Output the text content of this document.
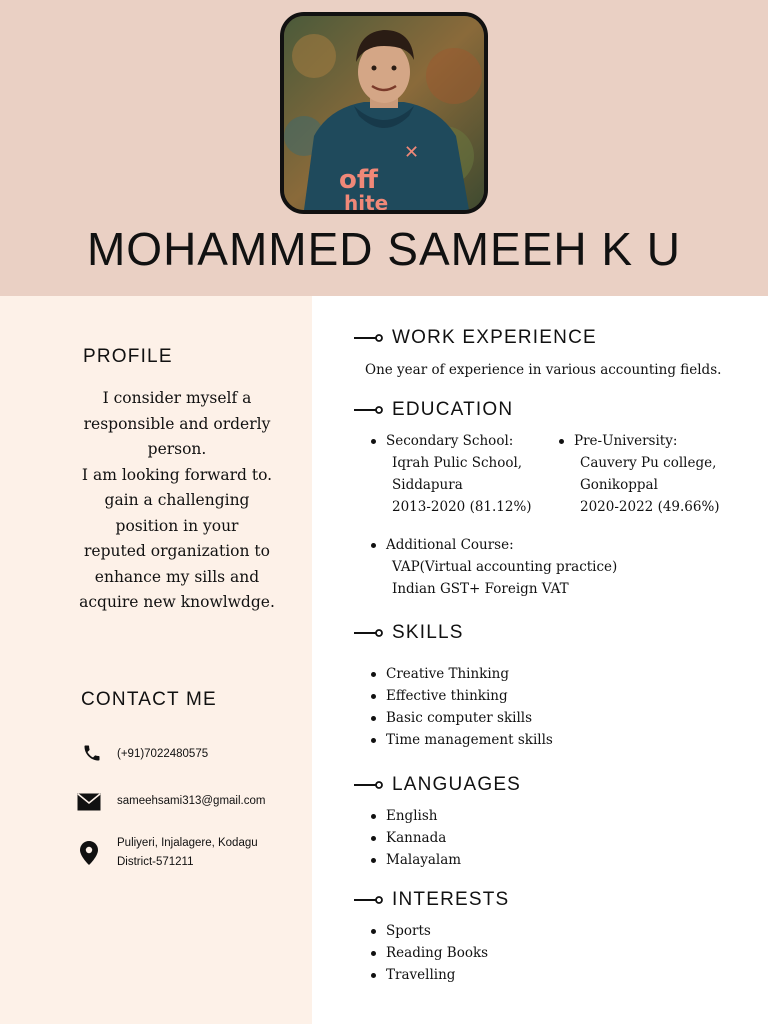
off
hite
✕
MOHAMMED SAMEEH K U
PROFILE
I consider myself a
responsible and orderly
person.
I am looking forward to.
gain a challenging
position in your
reputed organization to
enhance my sills and
acquire new knowlwdge.
CONTACT ME
(+91)7022480575
sameehsami313@gmail.com
Puliyeri, Injalagere, Kodagu
District-571211
WORK EXPERIENCE
One year of experience in various accounting fields.
EDUCATION
Secondary School:
Iqrah Pulic School,
Siddapura
2013-2020 (81.12%)
Pre-University:
Cauvery Pu college,
Gonikoppal
2020-2022 (49.66%)
Additional Course:
VAP(Virtual accounting practice)
Indian GST+ Foreign VAT
SKILLS
Creative Thinking
Effective thinking
Basic computer skills
Time management skills
LANGUAGES
English
Kannada
Malayalam
INTERESTS
Sports
Reading Books
Travelling
